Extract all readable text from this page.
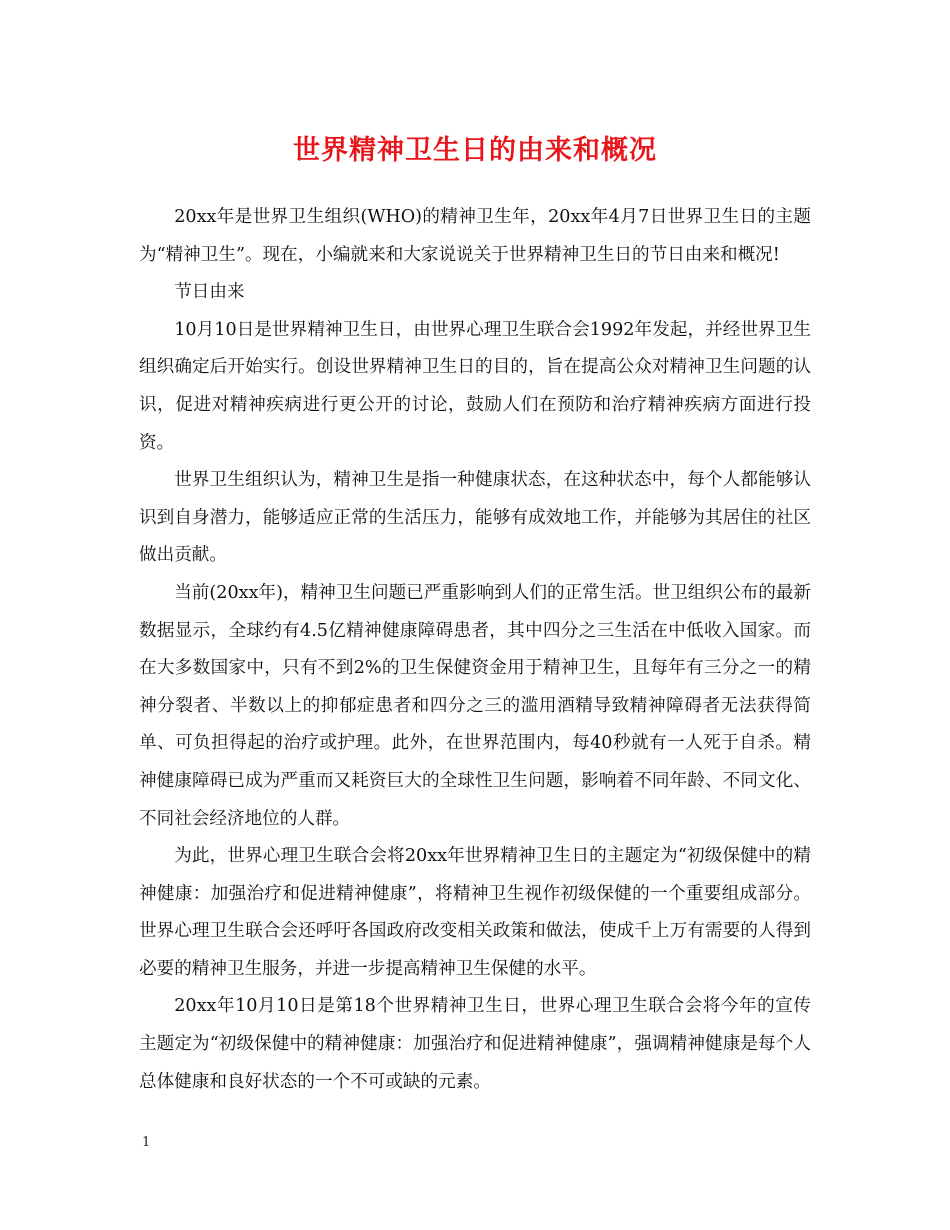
世界精神卫生日的由来和概况

20xx年是世界卫生组织(WHO)的精神卫生年，20xx年4月7日世界卫生日的主题为“精神卫生”。现在，小编就来和大家说说关于世界精神卫生日的节日由来和概况!

节日由来

10月10日是世界精神卫生日，由世界心理卫生联合会1992年发起，并经世界卫生组织确定后开始实行。创设世界精神卫生日的目的，旨在提高公众对精神卫生问题的认识，促进对精神疾病进行更公开的讨论，鼓励人们在预防和治疗精神疾病方面进行投资。

世界卫生组织认为，精神卫生是指一种健康状态，在这种状态中，每个人都能够认识到自身潜力，能够适应正常的生活压力，能够有成效地工作，并能够为其居住的社区做出贡献。

当前(20xx年)，精神卫生问题已严重影响到人们的正常生活。世卫组织公布的最新数据显示，全球约有4.5亿精神健康障碍患者，其中四分之三生活在中低收入国家。而在大多数国家中，只有不到2%的卫生保健资金用于精神卫生，且每年有三分之一的精神分裂者、半数以上的抑郁症患者和四分之三的滥用酒精导致精神障碍者无法获得简单、可负担得起的治疗或护理。此外，在世界范围内，每40秒就有一人死于自杀。精神健康障碍已成为严重而又耗资巨大的全球性卫生问题，影响着不同年龄、不同文化、不同社会经济地位的人群。

为此，世界心理卫生联合会将20xx年世界精神卫生日的主题定为“初级保健中的精神健康：加强治疗和促进精神健康”，将精神卫生视作初级保健的一个重要组成部分。世界心理卫生联合会还呼吁各国政府改变相关政策和做法，使成千上万有需要的人得到必要的精神卫生服务，并进一步提高精神卫生保健的水平。

20xx年10月10日是第18个世界精神卫生日，世界心理卫生联合会将今年的宣传主题定为“初级保健中的精神健康：加强治疗和促进精神健康”，强调精神健康是每个人总体健康和良好状态的一个不可或缺的元素。

1
